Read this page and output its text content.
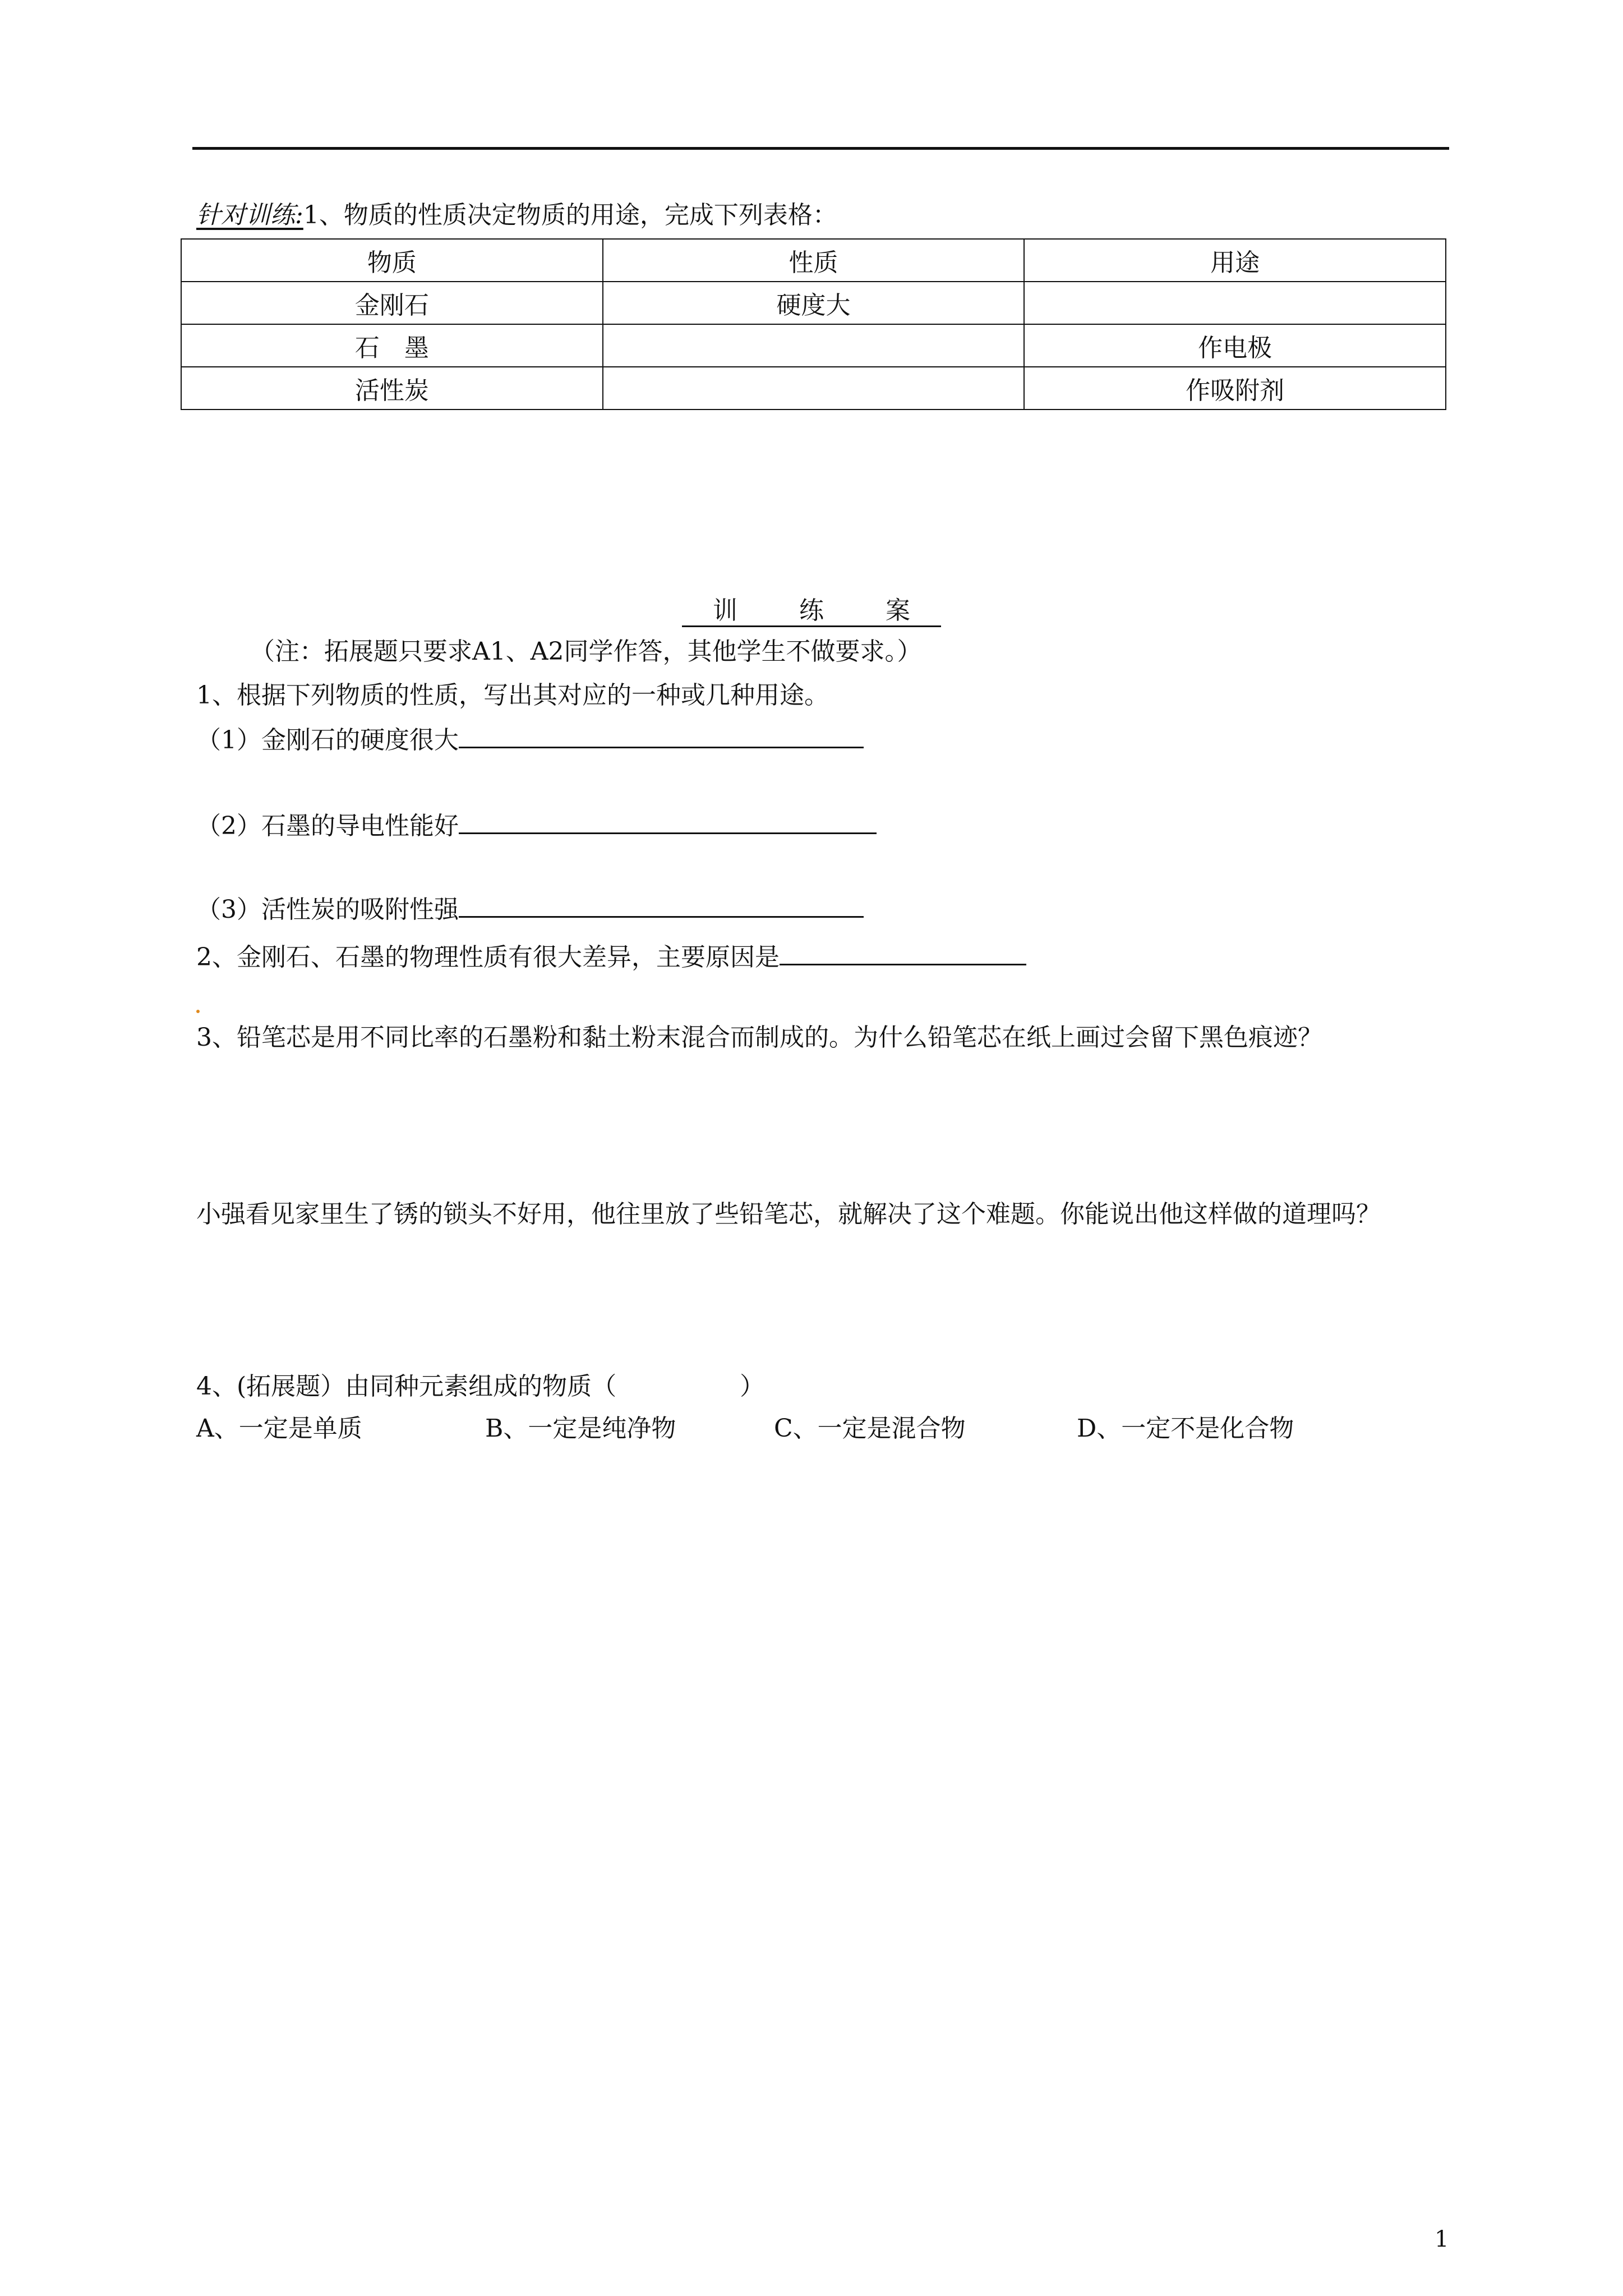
针对训练:1、物质的性质决定物质的用途，完成下列表格：
物质	性质	用途
金刚石	硬度大	
石　墨		作电极
活性炭		作吸附剂
训	练	案
（注：拓展题只要求A1、A2同学作答，其他学生不做要求。）
1、根据下列物质的性质，写出其对应的一种或几种用途。
（1）金刚石的硬度很大
（2）石墨的导电性能好
（3）活性炭的吸附性强
2、金刚石、石墨的物理性质有很大差异，主要原因是
3、铅笔芯是用不同比率的石墨粉和黏土粉末混合而制成的。为什么铅笔芯在纸上画过会留下黑色痕迹？
小强看见家里生了锈的锁头不好用，他往里放了些铅笔芯，就解决了这个难题。你能说出他这样做的道理吗？
4、(拓展题）由同种元素组成的物质（　　　　　）
A、一定是单质	B、一定是纯净物	C、一定是混合物	D、一定不是化合物
1
